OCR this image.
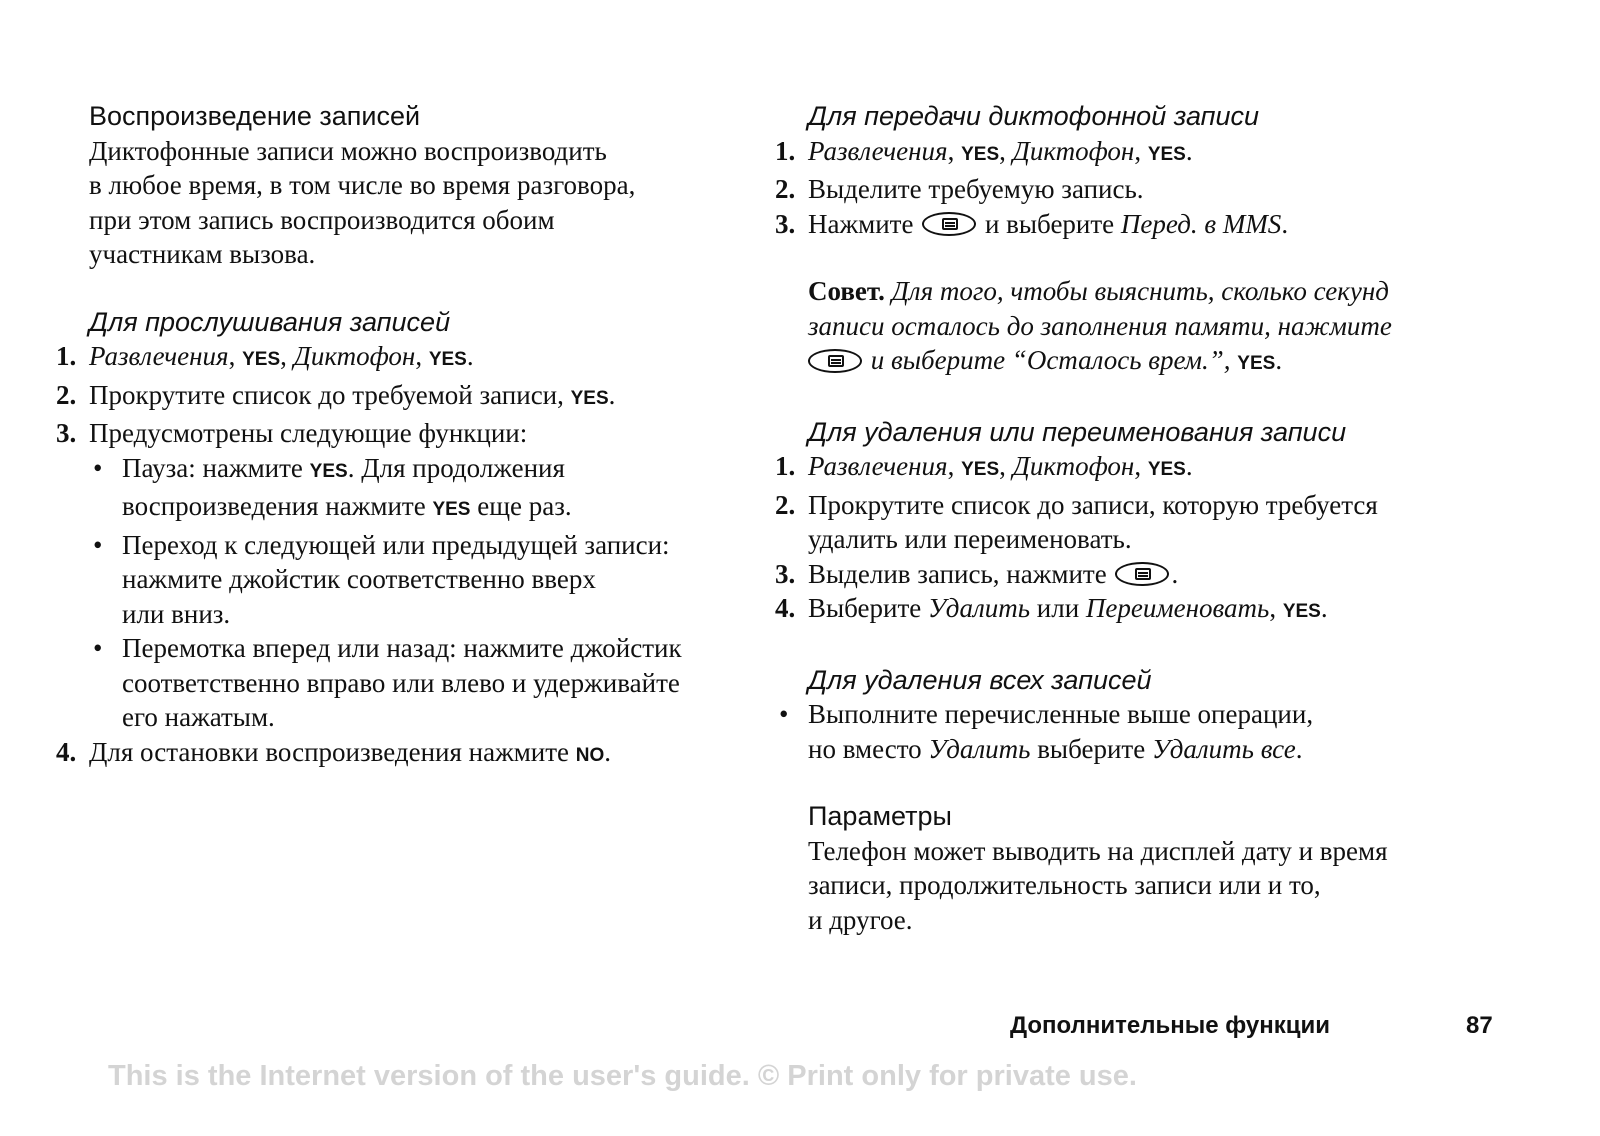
Воспроизведение записей

Диктофонные записи можно воспроизводить
в любое время, в том числе во время разговора,
при этом запись воспроизводится обоим
участникам вызова.

Для прослушивания записей

1. Развлечения, YES, Диктофон, YES.
2. Прокрутите список до требуемой записи, YES.
3. Предусмотрены следующие функции:
• Пауза: нажмите YES. Для продолжения
воспроизведения нажмите YES еще раз.
• Переход к следующей или предыдущей записи:
нажмите джойстик соответственно вверх
или вниз.
• Перемотка вперед или назад: нажмите джойстик
соответственно вправо или влево и удерживайте
его нажатым.
4. Для остановки воспроизведения нажмите NO.

Для передачи диктофонной записи

1. Развлечения, YES, Диктофон, YES.
2. Выделите требуемую запись.
3. Нажмите  и выберите Перед. в MMS.

Совет. Для того, чтобы выяснить, сколько секунд
записи осталось до заполнения памяти, нажмите
и выберите “Осталось врем.”, YES.

Для удаления или переименования записи

1. Развлечения, YES, Диктофон, YES.
2. Прокрутите список до записи, которую требуется
удалить или переименовать.
3. Выделив запись, нажмите .
4. Выберите Удалить или Переименовать, YES.

Для удаления всех записей

• Выполните перечисленные выше операции,
но вместо Удалить выберите Удалить все.

Параметры

Телефон может выводить на дисплей дату и время
записи, продолжительность записи или и то,
и другое.

Дополнительные функции	87
This is the Internet version of the user's guide. © Print only for private use.
